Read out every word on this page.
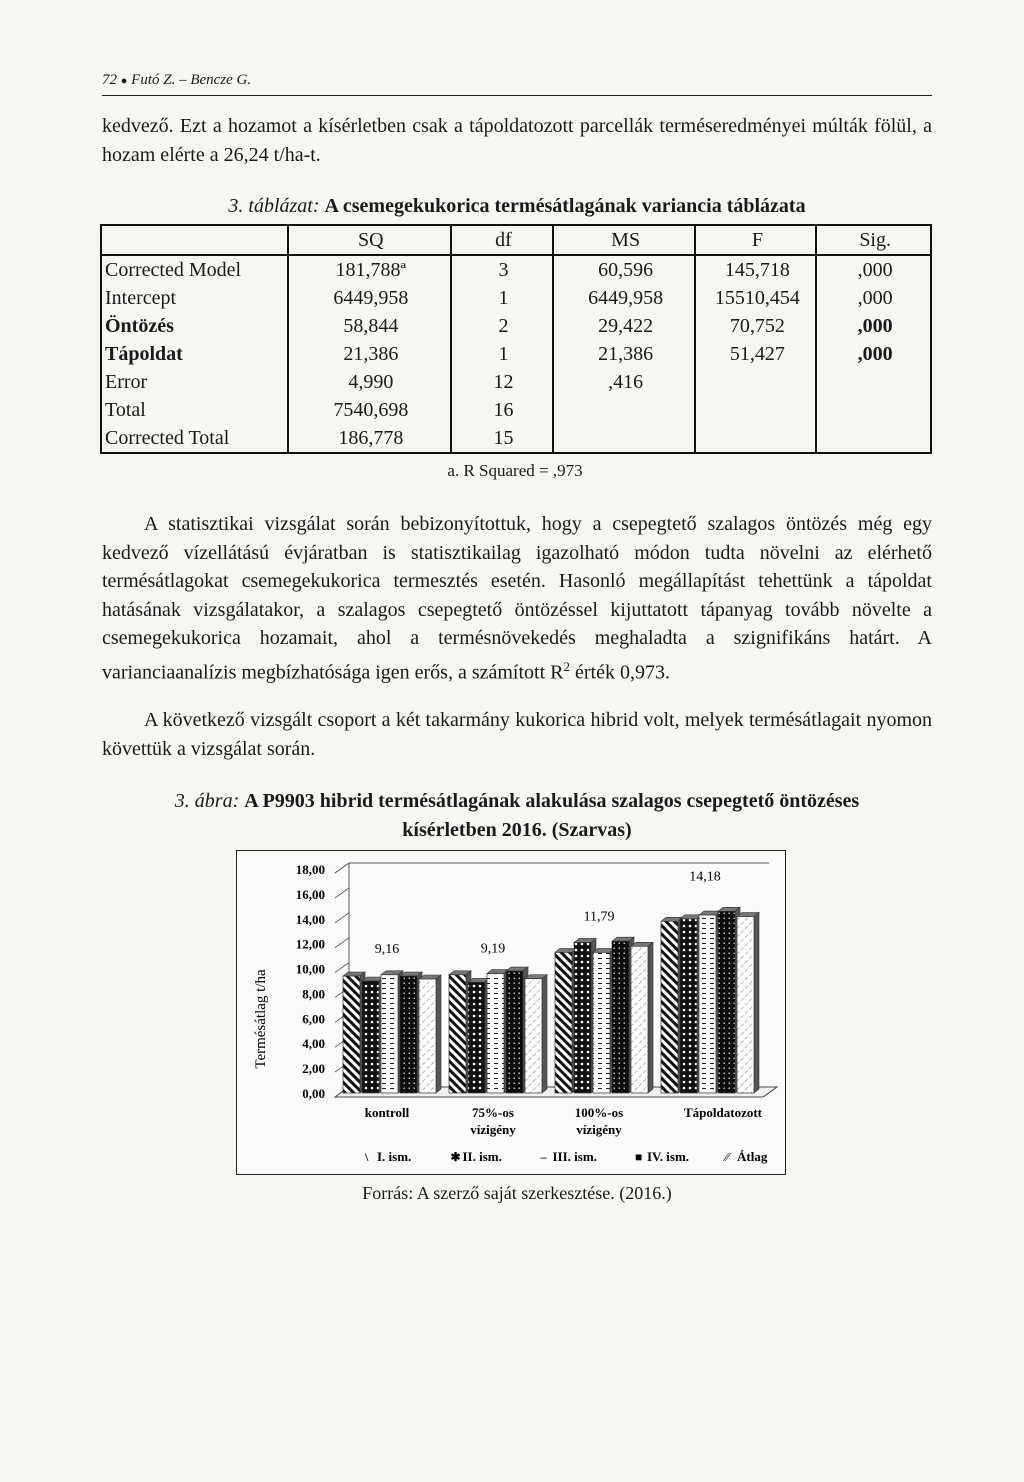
72 ● Futó Z. – Bencze G.
kedvező. Ezt a hozamot a kísérletben csak a tápoldatozott parcellák terméseredményei múlták fölül, a hozam elérte a 26,24 t/ha-t.
3. táblázat: A csemegekukorica termésátlagának variancia táblázata
	SQ	df	MS	F	Sig.
Corrected Model	181,788ª	3	60,596	145,718	,000
Intercept	6449,958	1	6449,958	15510,454	,000
Öntözés	58,844	2	29,422	70,752	,000
Tápoldat	21,386	1	21,386	51,427	,000
Error	4,990	12	,416		
Total	7540,698	16			
Corrected Total	186,778	15			
a. R Squared = ,973
A statisztikai vizsgálat során bebizonyítottuk, hogy a csepegtető szalagos öntözés még egy kedvező vízellátású évjáratban is statisztikailag igazolható módon tudta növelni az elérhető termésátlagokat csemegekukorica termesztés esetén. Hasonló megállapítást tehettünk a tápoldat hatásának vizsgálatakor, a szalagos csepegtető öntözéssel kijuttatott tápanyag tovább növelte a csemegekukorica hozamait, ahol a termésnövekedés meghaladta a szignifikáns határt. A varianciaanalízis megbízhatósága igen erős, a számított $R^2$ érték 0,973.
A következő vizsgált csoport a két takarmány kukorica hibrid volt, melyek termésátlagait nyomon követtük a vizsgálat során.
3. ábra: A P9903 hibrid termésátlagának alakulása szalagos csepegtető öntözéses kísérletben 2016. (Szarvas)
Termésátlag t/ha
0,00
2,00
4,00
6,00
8,00
10,00
12,00
14,00
16,00
18,00
9,16
kontroll
9,19
75%-os
vízigény
11,79
100%-os
vízigény
14,18
Tápoldatozott
\ I. ism.	✱ II. ism.	– III. ism.	■ IV. ism.	∕∕ Átlag
Forrás: A szerző saját szerkesztése. (2016.)
